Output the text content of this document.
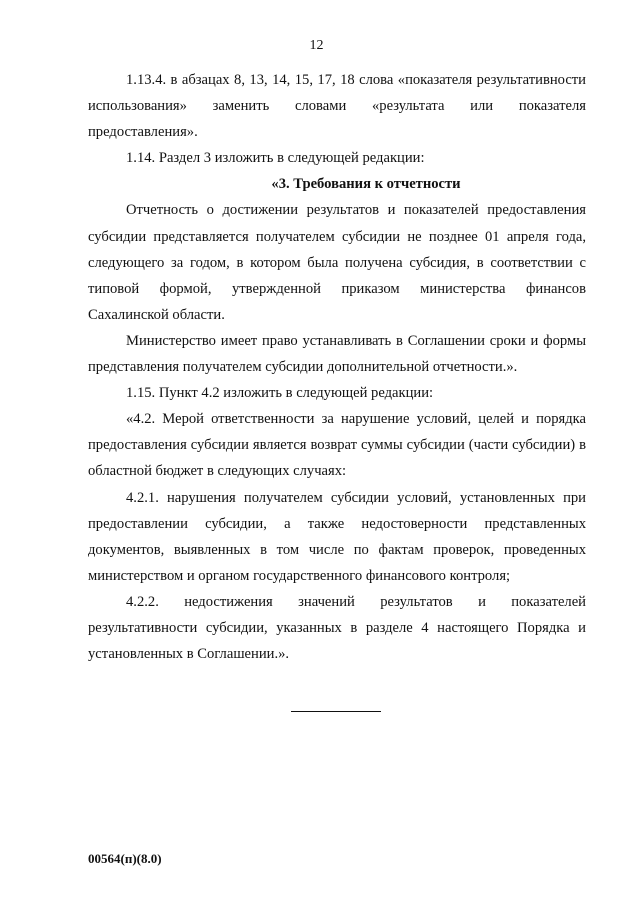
12

1.13.4. в абзацах 8, 13, 14, 15, 17, 18 слова «показателя результативности использования» заменить словами «результата или показателя предоставления».

1.14. Раздел 3 изложить в следующей редакции:

«3. Требования к отчетности

Отчетность о достижении результатов и показателей предоставления субсидии представляется получателем субсидии не позднее 01 апреля года, следующего за годом, в котором была получена субсидия, в соответствии с типовой формой, утвержденной приказом министерства финансов Сахалинской области.

Министерство имеет право устанавливать в Соглашении сроки и формы представления получателем субсидии дополнительной отчетности.».

1.15. Пункт 4.2 изложить в следующей редакции:

«4.2. Мерой ответственности за нарушение условий, целей и порядка предоставления субсидии является возврат суммы субсидии (части субсидии) в областной бюджет в следующих случаях:

4.2.1. нарушения получателем субсидии условий, установленных при предоставлении субсидии, а также недостоверности представленных документов, выявленных в том числе по фактам проверок, проведенных министерством и органом государственного финансового контроля;

4.2.2. недостижения значений результатов и показателей результативности субсидии, указанных в разделе 4 настоящего Порядка и установленных в Соглашении.».

00564(п)(8.0)
